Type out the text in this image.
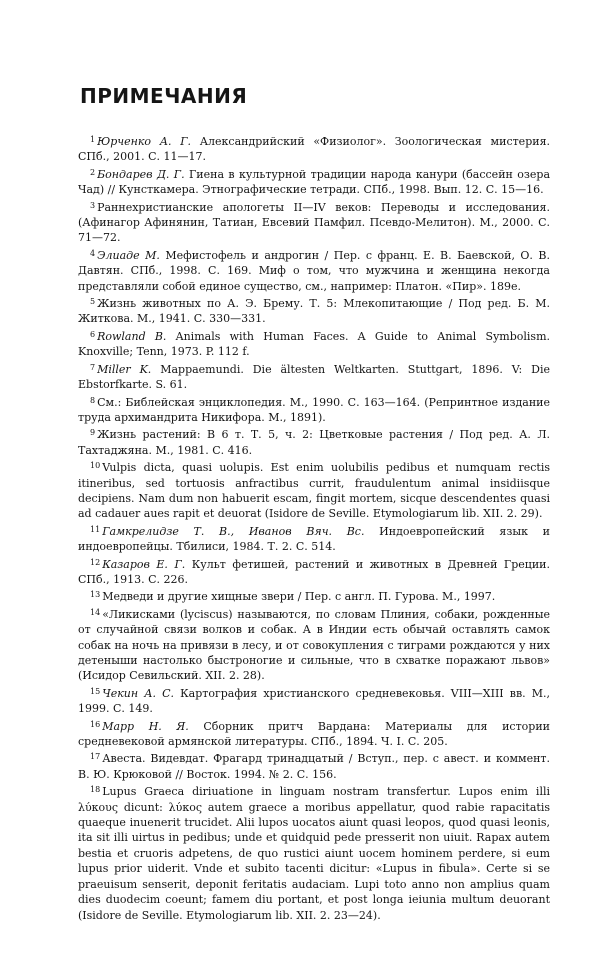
ПРИМЕЧАНИЯ

$^1$ Юрченко А. Г. Александрийский «Физиолог». Зоологическая мистерия. СПб., 2001. С. 11—17.

$^2$ Бондарев Д. Г. Гиена в культурной традиции народа канури (бассейн озера Чад) // Кунсткамера. Этнографические тетради. СПб., 1998. Вып. 12. С. 15—16.

$^3$ Раннехристианские апологеты II—IV веков: Переводы и исследования. (Афинагор Афинянин, Татиан, Евсевий Памфил. Псевдо-Мелитон). М., 2000. С. 71—72.

$^4$ Элиаде М. Мефистофель и андрогин / Пер. с франц. Е. В. Баевской, О. В. Давтян. СПб., 1998. С. 169. Миф о том, что мужчина и женщина некогда представляли собой единое существо, см., например: Платон. «Пир». 189е.

$^5$ Жизнь животных по А. Э. Брему. Т. 5: Млекопитающие / Под ред. Б. М. Житкова. М., 1941. С. 330—331.

$^6$ Rowland B. Animals with Human Faces. A Guide to Animal Symbolism. Knoxville; Tenn, 1973. P. 112 f.

$^7$ Miller K. Mappaemundi. Die ältesten Weltkarten. Stuttgart, 1896. V: Die Ebstorfkarte. S. 61.

$^8$ См.: Библейская энциклопедия. М., 1990. С. 163—164. (Репринтное издание труда архимандрита Никифора. М., 1891).

$^9$ Жизнь растений: В 6 т. Т. 5, ч. 2: Цветковые растения / Под ред. А. Л. Тахтаджяна. М., 1981. С. 416.

$^{10}$ Vulpis dicta, quasi uolupis. Est enim uolubilis pedibus et numquam rectis itineribus, sed tortuosis anfractibus currit, fraudulentum animal insidiisque decipiens. Nam dum non habuerit escam, fingit mortem, sicque descendentes quasi ad cadauer aues rapit et deuorat (Isidore de Seville. Etymologiarum lib. XII. 2. 29).

$^{11}$ Гамкрелидзе Т. В., Иванов Вяч. Вс. Индоевропейский язык и индоевропейцы. Тбилиси, 1984. Т. 2. С. 514.

$^{12}$ Казаров Е. Г. Культ фетишей, растений и животных в Древней Греции. СПб., 1913. С. 226.

$^{13}$ Медведи и другие хищные звери / Пер. с англ. П. Гурова. М., 1997.

$^{14}$ «Ликисками (lyciscus) называются, по словам Плиния, собаки, рожденные от случайной связи волков и собак. А в Индии есть обычай оставлять самок собак на ночь на привязи в лесу, и от совокупления с тиграми рождаются у них детеныши настолько быстроногие и сильные, что в схватке поражают львов» (Исидор Севильский. XII. 2. 28).

$^{15}$ Чекин А. С. Картография христианского средневековья. VIII—XIII вв. М., 1999. С. 149.

$^{16}$ Марр Н. Я. Сборник притч Вардана: Материалы для истории средневековой армянской литературы. СПб., 1894. Ч. I. С. 205.

$^{17}$ Авеста. Видевдат. Фрагард тринадцатый / Вступ., пер. с авест. и коммент. В. Ю. Крюковой // Восток. 1994. № 2. С. 156.

$^{18}$ Lupus Graeca diriuatione in linguam nostram transfertur. Lupos enim illi λύκους dicunt: λύκος autem graece a moribus appellatur, quod rabie rapacitatis quaeque inuenerit trucidet. Alii lupos uocatos aiunt quasi leopos, quod quasi leonis, ita sit illi uirtus in pedibus; unde et quidquid pede presserit non uiuit. Rapax autem bestia et cruoris adpetens, de quo rustici aiunt uocem hominem perdere, si eum lupus prior uiderit. Vnde et subito tacenti dicitur: «Lupus in fibula». Certe si se praeuisum senserit, deponit feritatis audaciam. Lupi toto anno non amplius quam dies duodecim coeunt; famem diu portant, et post longa ieiunia multum deuorant (Isidore de Seville. Etymologiarum lib. XII. 2. 23—24).
